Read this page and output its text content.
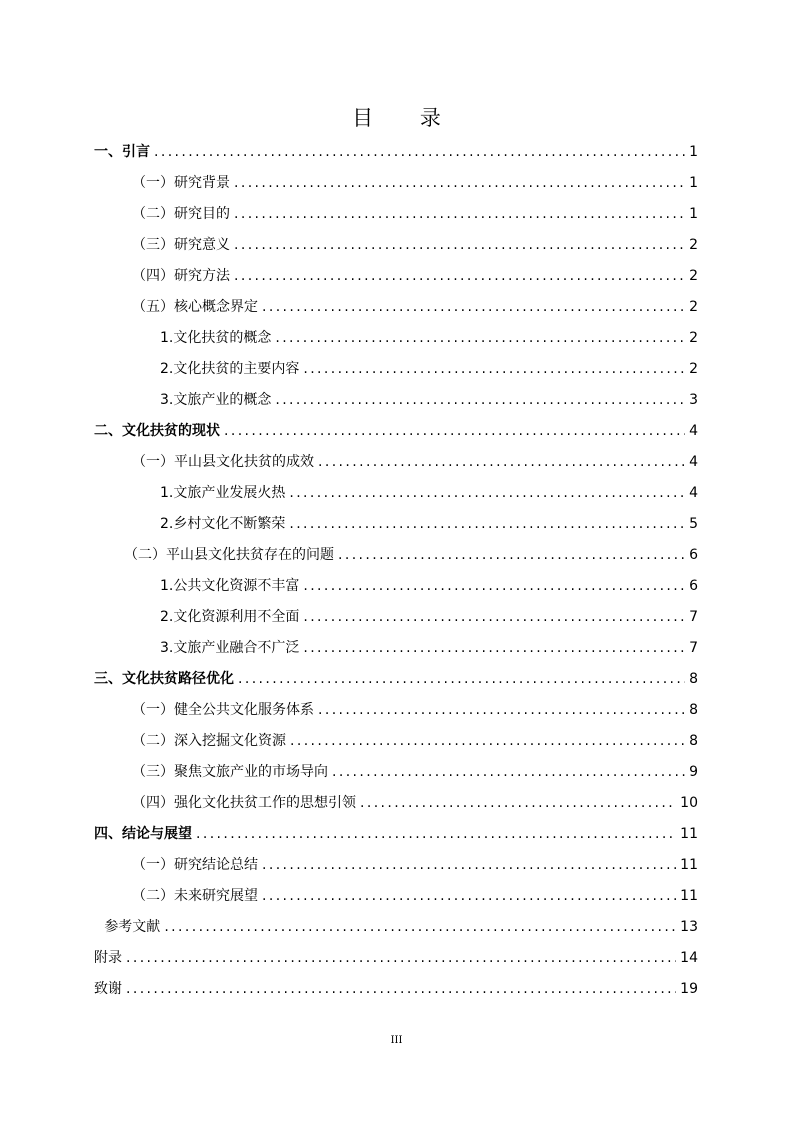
目 录
一、 引言 .....	1
（一） 研究背景 .....	1
（二） 研究目的 .....	1
（三） 研究意义 .....	2
（四） 研究方法 .....	2
（五） 核心概念界定 .....	2
1. 文化扶贫的概念 .....	2
2. 文化扶贫的主要内容 .....	2
3. 文旅产业的概念 .....	3
二、 文化扶贫的现状 .....	4
（一） 平山县文化扶贫的成效 .....	4
1. 文旅产业发展火热 .....	4
2. 乡村文化不断繁荣 .....	5
（二） 平山县文化扶贫存在的问题 .....	6
1. 公共文化资源不丰富 .....	6
2. 文化资源利用不全面 .....	7
3. 文旅产业融合不广泛 .....	7
三、 文化扶贫路径优化 .....	8
（一） 健全公共文化服务体系 .....	8
（二） 深入挖掘文化资源 .....	8
（三） 聚焦文旅产业的市场导向 .....	9
（四） 强化文化扶贫工作的思想引领 .....	10
四、 结论与展望 .....	11
（一） 研究结论总结 .....	11
（二） 未来研究展望 .....	11
参考文献 .....	13
附 录 .....	14
致 谢 .....	19
III
